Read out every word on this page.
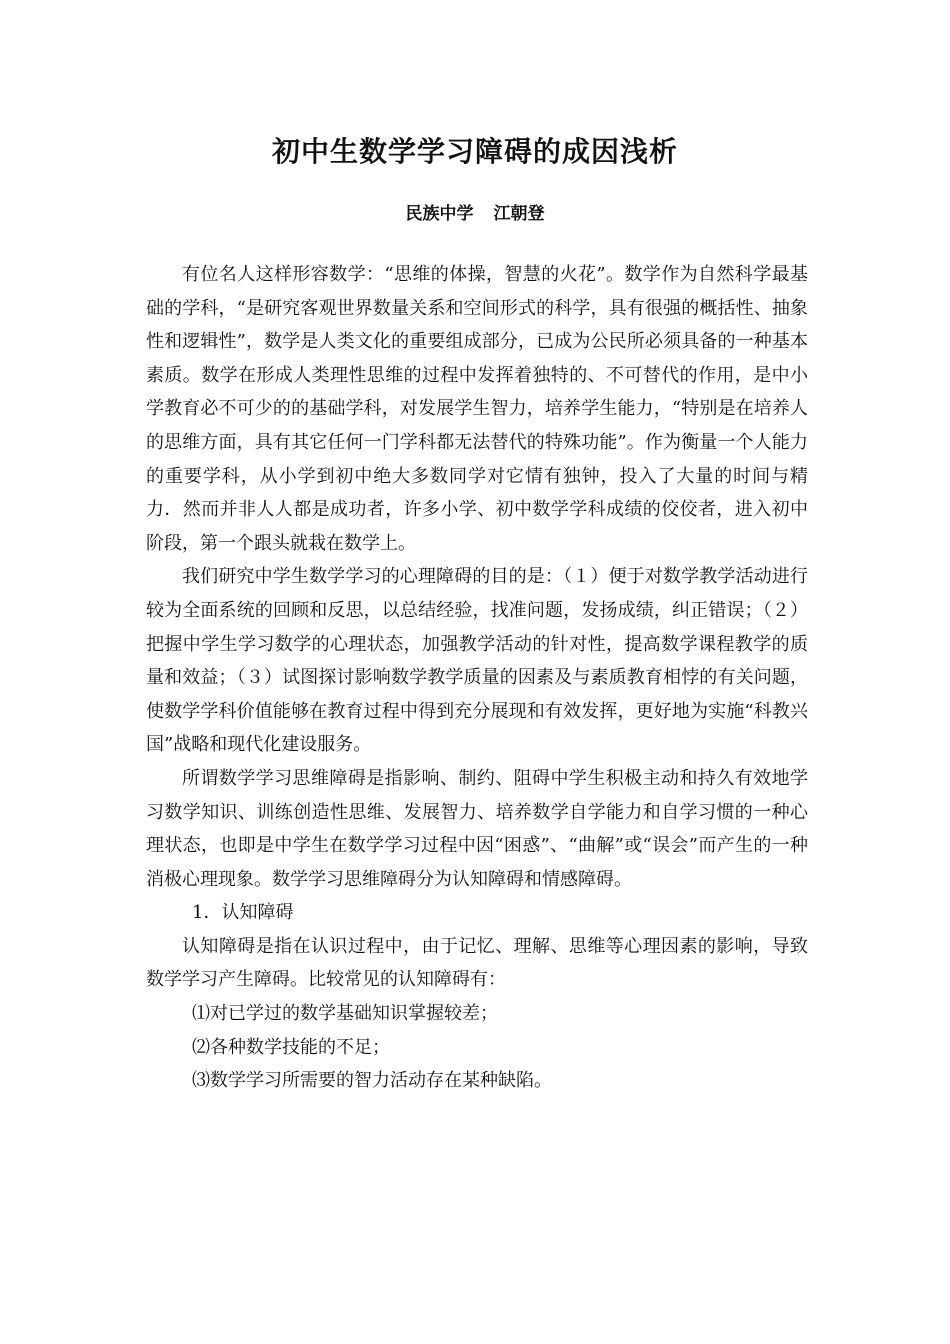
初中生数学学习障碍的成因浅析
民族中学 江朝登

有位名人这样形容数学：“思维的体操，智慧的火花”。数学作为自然科学最基础的学科，“是研究客观世界数量关系和空间形式的科学，具有很强的概括性、抽象性和逻辑性”，数学是人类文化的重要组成部分，已成为公民所必须具备的一种基本素质。数学在形成人类理性思维的过程中发挥着独特的、不可替代的作用，是中小学教育必不可少的的基础学科，对发展学生智力，培养学生能力，“特别是在培养人的思维方面，具有其它任何一门学科都无法替代的特殊功能”。作为衡量一个人能力的重要学科，从小学到初中绝大多数同学对它情有独钟，投入了大量的时间与精力．然而并非人人都是成功者，许多小学、初中数学学科成绩的佼佼者，进入初中阶段，第一个跟头就栽在数学上。

我们研究中学生数学学习的心理障碍的目的是：（１）便于对数学教学活动进行较为全面系统的回顾和反思，以总结经验，找准问题，发扬成绩，纠正错误；（２）把握中学生学习数学的心理状态，加强教学活动的针对性，提高数学课程教学的质量和效益；（３）试图探讨影响数学教学质量的因素及与素质教育相悖的有关问题，使数学学科价值能够在教育过程中得到充分展现和有效发挥，更好地为实施“科教兴国”战略和现代化建设服务。

所谓数学学习思维障碍是指影响、制约、阻碍中学生积极主动和持久有效地学习数学知识、训练创造性思维、发展智力、培养数学自学能力和自学习惯的一种心理状态，也即是中学生在数学学习过程中因“困惑”、“曲解”或“误会”而产生的一种消极心理现象。数学学习思维障碍分为认知障碍和情感障碍。

1．认知障碍

认知障碍是指在认识过程中，由于记忆、理解、思维等心理因素的影响，导致数学学习产生障碍。比较常见的认知障碍有：

⑴对已学过的数学基础知识掌握较差；

⑵各种数学技能的不足；

⑶数学学习所需要的智力活动存在某种缺陷。
